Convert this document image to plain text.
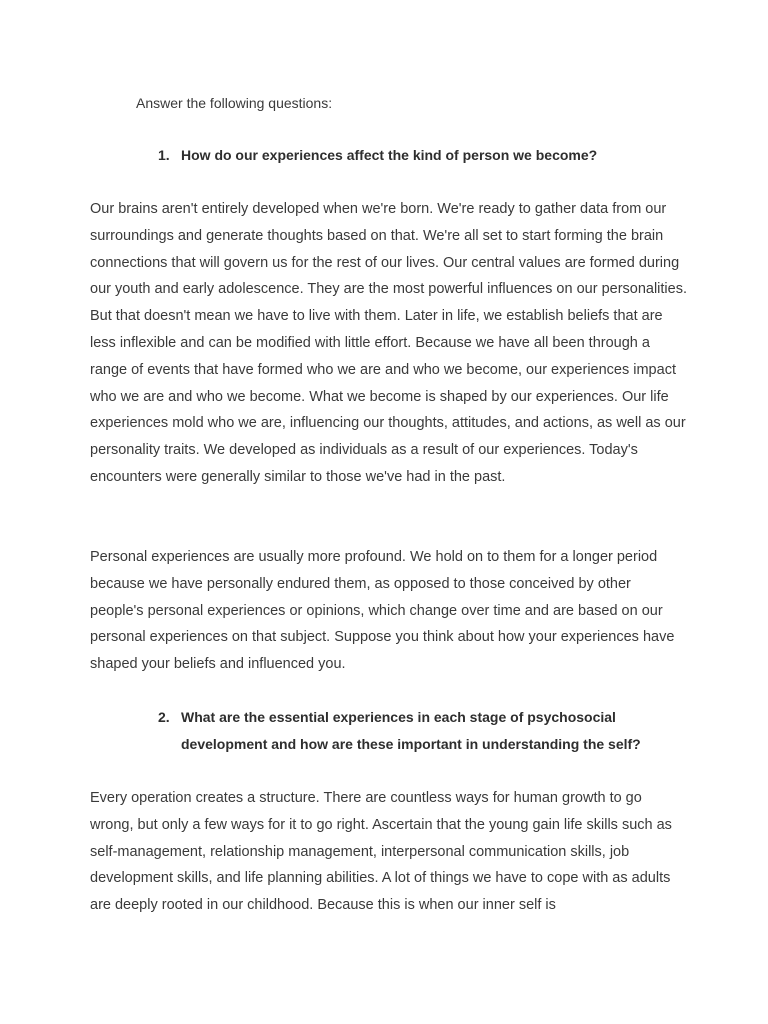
Answer the following questions:

1. How do our experiences affect the kind of person we become?

Our brains aren't entirely developed when we're born. We're ready to gather data from our surroundings and generate thoughts based on that. We're all set to start forming the brain connections that will govern us for the rest of our lives. Our central values are formed during our youth and early adolescence. They are the most powerful influences on our personalities. But that doesn't mean we have to live with them. Later in life, we establish beliefs that are less inflexible and can be modified with little effort. Because we have all been through a range of events that have formed who we are and who we become, our experiences impact who we are and who we become. What we become is shaped by our experiences. Our life experiences mold who we are, influencing our thoughts, attitudes, and actions, as well as our personality traits. We developed as individuals as a result of our experiences. Today's encounters were generally similar to those we've had in the past.

Personal experiences are usually more profound. We hold on to them for a longer period because we have personally endured them, as opposed to those conceived by other people's personal experiences or opinions, which change over time and are based on our personal experiences on that subject. Suppose you think about how your experiences have shaped your beliefs and influenced you.

2. What are the essential experiences in each stage of psychosocial development and how are these important in understanding the self?

Every operation creates a structure. There are countless ways for human growth to go wrong, but only a few ways for it to go right. Ascertain that the young gain life skills such as self-management, relationship management, interpersonal communication skills, job development skills, and life planning abilities. A lot of things we have to cope with as adults are deeply rooted in our childhood. Because this is when our inner self is
